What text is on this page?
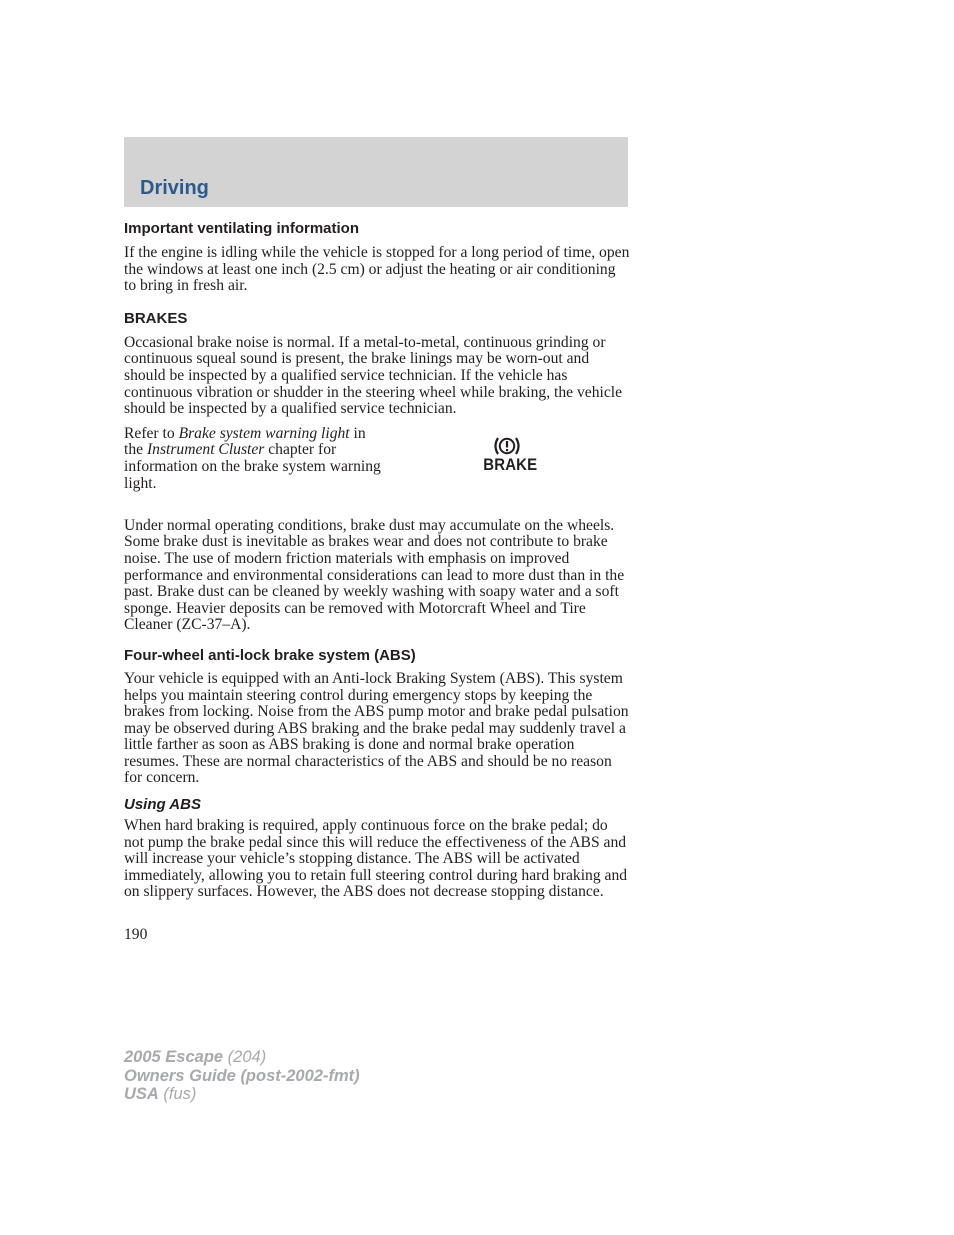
Driving
Important ventilating information

If the engine is idling while the vehicle is stopped for a long period of time, open the windows at least one inch (2.5 cm) or adjust the heating or air conditioning to bring in fresh air.

BRAKES

Occasional brake noise is normal. If a metal-to-metal, continuous grinding or continuous squeal sound is present, the brake linings may be worn-out and should be inspected by a qualified service technician. If the vehicle has continuous vibration or shudder in the steering wheel while braking, the vehicle should be inspected by a qualified service technician.

Refer to Brake system warning light in the Instrument Cluster chapter for information on the brake system warning light.

BRAKE

Under normal operating conditions, brake dust may accumulate on the wheels. Some brake dust is inevitable as brakes wear and does not contribute to brake noise. The use of modern friction materials with emphasis on improved performance and environmental considerations can lead to more dust than in the past. Brake dust can be cleaned by weekly washing with soapy water and a soft sponge. Heavier deposits can be removed with Motorcraft Wheel and Tire Cleaner (ZC-37–A).

Four-wheel anti-lock brake system (ABS)

Your vehicle is equipped with an Anti-lock Braking System (ABS). This system helps you maintain steering control during emergency stops by keeping the brakes from locking. Noise from the ABS pump motor and brake pedal pulsation may be observed during ABS braking and the brake pedal may suddenly travel a little farther as soon as ABS braking is done and normal brake operation resumes. These are normal characteristics of the ABS and should be no reason for concern.

Using ABS

When hard braking is required, apply continuous force on the brake pedal; do not pump the brake pedal since this will reduce the effectiveness of the ABS and will increase your vehicle’s stopping distance. The ABS will be activated immediately, allowing you to retain full steering control during hard braking and on slippery surfaces. However, the ABS does not decrease stopping distance.

190
2005 Escape (204)
Owners Guide (post-2002-fmt)
USA (fus)
